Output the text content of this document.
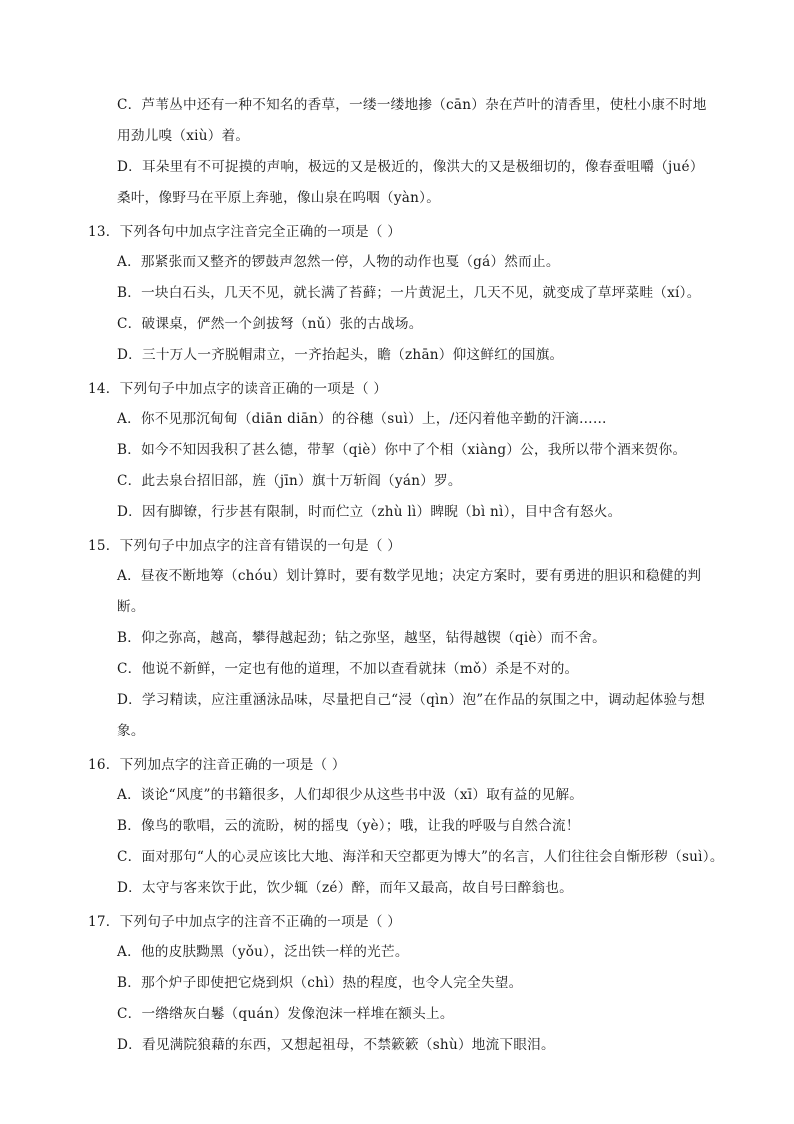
C．芦苇丛中还有一种不知名的香草，一缕一缕地掺（cān）杂在芦叶的清香里，使杜小康不时地

用劲儿嗅（xiù）着。

D．耳朵里有不可捉摸的声响，极远的又是极近的，像洪大的又是极细切的，像春蚕咀嚼（jué）

桑叶，像野马在平原上奔驰，像山泉在呜咽（yàn）。

13．下列各句中加点字注音完全正确的一项是（ ）

A．那紧张而又整齐的锣鼓声忽然一停，人物的动作也戛（gá）然而止。

B．一块白石头，几天不见，就长满了苔藓；一片黄泥土，几天不见，就变成了草坪菜畦（xí）。

C．破课桌，俨然一个剑拔弩（nǔ）张的古战场。

D．三十万人一齐脱帽肃立，一齐抬起头，瞻（zhān）仰这鲜红的国旗。

14．下列句子中加点字的读音正确的一项是（ ）

A．你不见那沉甸甸（diān diān）的谷穗（suì）上，/还闪着他辛勤的汗滴……

B．如今不知因我积了甚么德，带挈（qiè）你中了个相（xiàng）公，我所以带个酒来贺你。

C．此去泉台招旧部，旌（jīn）旗十万斩阎（yán）罗。

D．因有脚镣，行步甚有限制，时而伫立（zhù lì）睥睨（bì nì），目中含有怒火。

15．下列句子中加点字的注音有错误的一句是（ ）

A．昼夜不断地筹（chóu）划计算时，要有数学见地；决定方案时，要有勇进的胆识和稳健的判

断。

B．仰之弥高，越高，攀得越起劲；钻之弥坚，越坚，钻得越锲（qiè）而不舍。

C．他说不新鲜，一定也有他的道理，不加以查看就抹（mǒ）杀是不对的。

D．学习精读，应注重涵泳品味，尽量把自己“浸（qìn）泡”在作品的氛围之中，调动起体验与想

象。

16．下列加点字的注音正确的一项是（ ）

A．谈论“风度”的书籍很多，人们却很少从这些书中汲（xī）取有益的见解。

B．像鸟的歌唱，云的流盼，树的摇曳（yè）；哦，让我的呼吸与自然合流！

C．面对那句“人的心灵应该比大地、海洋和天空都更为博大”的名言，人们往往会自惭形秽（suì）。

D．太守与客来饮于此，饮少辄（zé）醉，而年又最高，故自号曰醉翁也。

17．下列句子中加点字的注音不正确的一项是（ ）

A．他的皮肤黝黑（yǒu），泛出铁一样的光芒。

B．那个炉子即使把它烧到炽（chì）热的程度，也令人完全失望。

C．一绺绺灰白鬈（quán）发像泡沫一样堆在额头上。

D．看见满院狼藉的东西，又想起祖母，不禁簌簌（shù）地流下眼泪。
